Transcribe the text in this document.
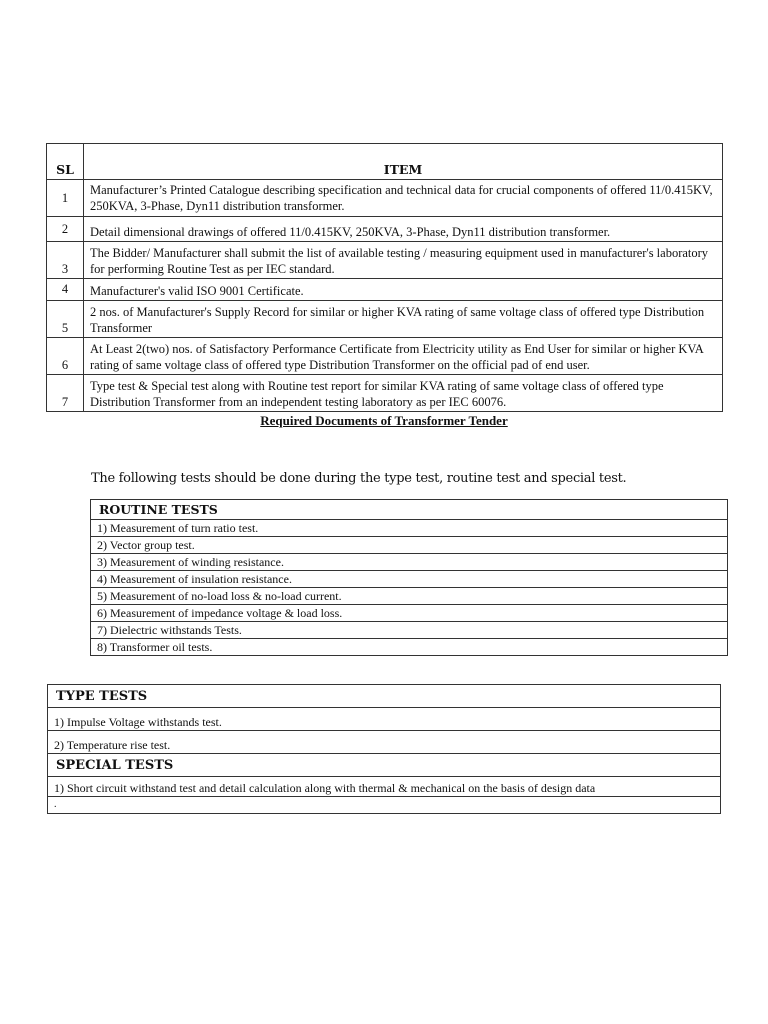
SL	ITEM
1	Manufacturer’s Printed Catalogue describing specification and technical data for crucial components of offered 11/0.415KV, 250KVA, 3-Phase, Dyn11 distribution transformer.
2	Detail dimensional drawings of offered 11/0.415KV, 250KVA, 3-Phase, Dyn11 distribution transformer.
3	The Bidder/ Manufacturer shall submit the list of available testing / measuring equipment used in manufacturer's laboratory for performing Routine Test as per IEC standard.
4	Manufacturer's valid ISO 9001 Certificate.
5	2 nos. of Manufacturer's Supply Record for similar or higher KVA rating of same voltage class of offered type Distribution Transformer
6	At Least 2(two) nos. of Satisfactory Performance Certificate from Electricity utility as End User for similar or higher KVA rating of same voltage class of offered type Distribution Transformer on the official pad of end user.
7	Type test & Special test along with Routine test report for similar KVA rating of same voltage class of offered type Distribution Transformer from an independent testing laboratory as per IEC 60076.
Required Documents of Transformer Tender
The following tests should be done during the type test, routine test and special test.
ROUTINE TESTS
1) Measurement of turn ratio test.
2) Vector group test.
3) Measurement of winding resistance.
4) Measurement of insulation resistance.
5) Measurement of no-load loss & no-load current.
6) Measurement of impedance voltage & load loss.
7) Dielectric withstands Tests.
8) Transformer oil tests.
TYPE TESTS
1) Impulse Voltage withstands test.
2) Temperature rise test.
SPECIAL TESTS
1) Short circuit withstand test and detail calculation along with thermal & mechanical on the basis of design data
.
